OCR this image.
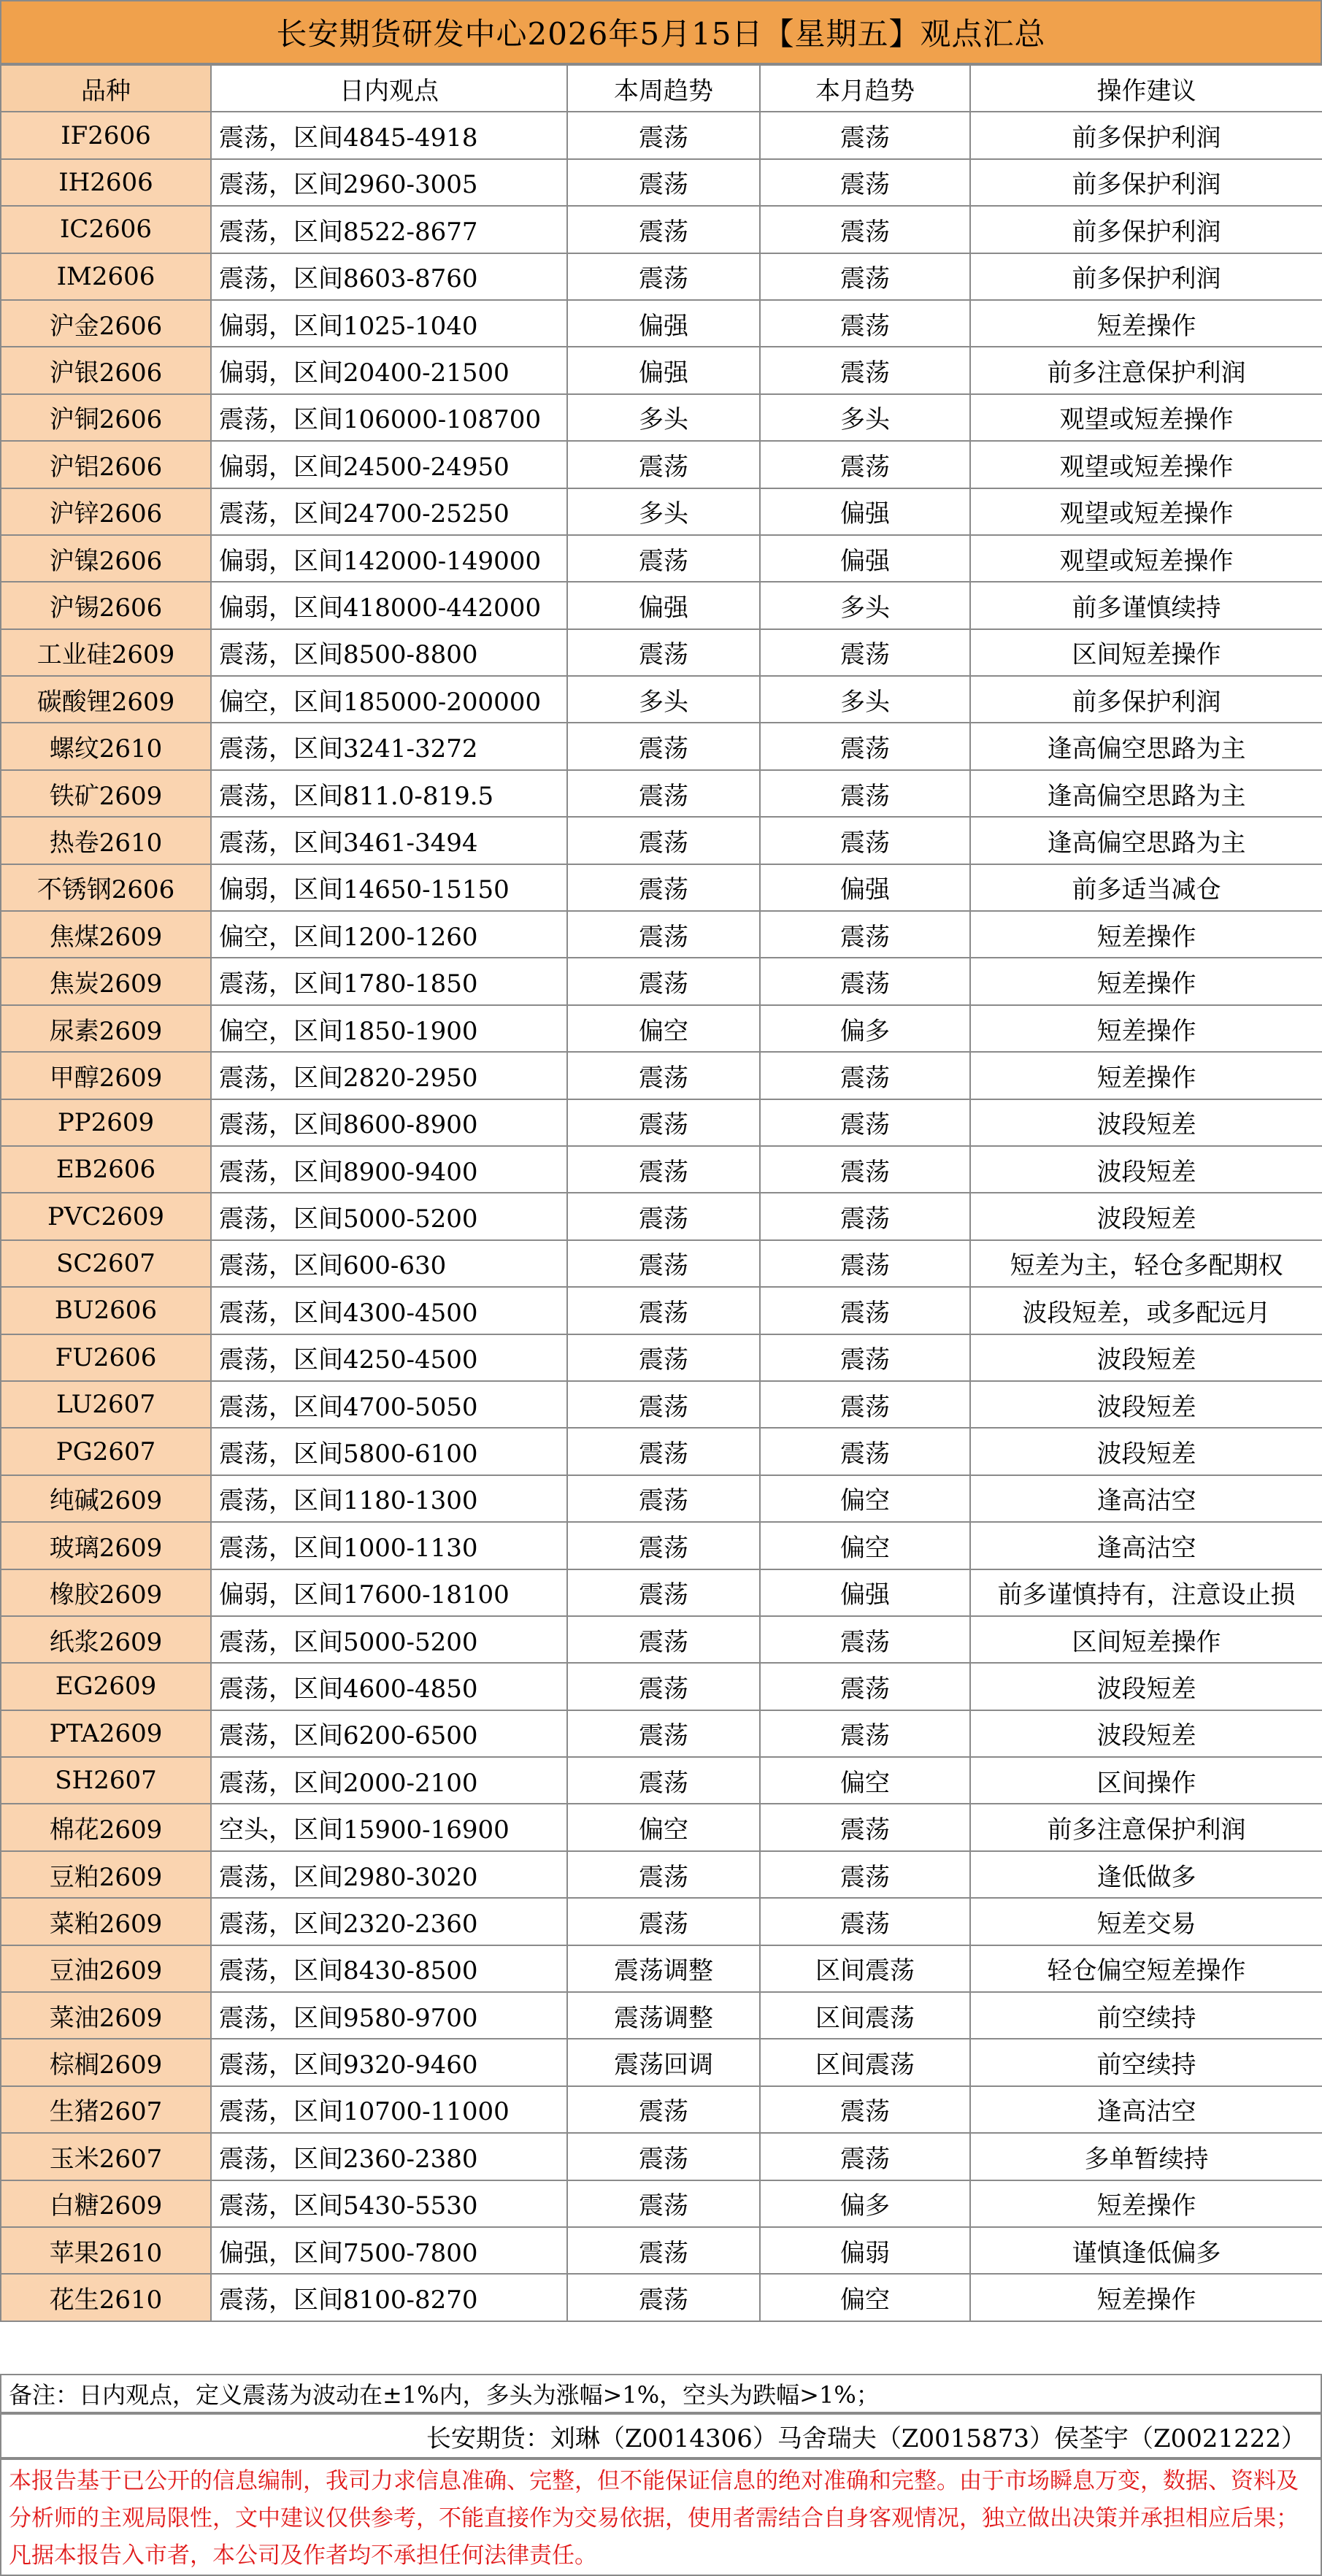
长安期货研发中心2026年5月15日【星期五】观点汇总
品种	日内观点	本周趋势	本月趋势	操作建议
IF2606	震荡，区间4845-4918	震荡	震荡	前多保护利润
IH2606	震荡，区间2960-3005	震荡	震荡	前多保护利润
IC2606	震荡，区间8522-8677	震荡	震荡	前多保护利润
IM2606	震荡，区间8603-8760	震荡	震荡	前多保护利润
沪金2606	偏弱，区间1025-1040	偏强	震荡	短差操作
沪银2606	偏弱，区间20400-21500	偏强	震荡	前多注意保护利润
沪铜2606	震荡，区间106000-108700	多头	多头	观望或短差操作
沪铝2606	偏弱，区间24500-24950	震荡	震荡	观望或短差操作
沪锌2606	震荡，区间24700-25250	多头	偏强	观望或短差操作
沪镍2606	偏弱，区间142000-149000	震荡	偏强	观望或短差操作
沪锡2606	偏弱，区间418000-442000	偏强	多头	前多谨慎续持
工业硅2609	震荡，区间8500-8800	震荡	震荡	区间短差操作
碳酸锂2609	偏空，区间185000-200000	多头	多头	前多保护利润
螺纹2610	震荡，区间3241-3272	震荡	震荡	逢高偏空思路为主
铁矿2609	震荡，区间811.0-819.5	震荡	震荡	逢高偏空思路为主
热卷2610	震荡，区间3461-3494	震荡	震荡	逢高偏空思路为主
不锈钢2606	偏弱，区间14650-15150	震荡	偏强	前多适当减仓
焦煤2609	偏空，区间1200-1260	震荡	震荡	短差操作
焦炭2609	震荡，区间1780-1850	震荡	震荡	短差操作
尿素2609	偏空，区间1850-1900	偏空	偏多	短差操作
甲醇2609	震荡，区间2820-2950	震荡	震荡	短差操作
PP2609	震荡，区间8600-8900	震荡	震荡	波段短差
EB2606	震荡，区间8900-9400	震荡	震荡	波段短差
PVC2609	震荡，区间5000-5200	震荡	震荡	波段短差
SC2607	震荡，区间600-630	震荡	震荡	短差为主，轻仓多配期权
BU2606	震荡，区间4300-4500	震荡	震荡	波段短差，或多配远月
FU2606	震荡，区间4250-4500	震荡	震荡	波段短差
LU2607	震荡，区间4700-5050	震荡	震荡	波段短差
PG2607	震荡，区间5800-6100	震荡	震荡	波段短差
纯碱2609	震荡，区间1180-1300	震荡	偏空	逢高沽空
玻璃2609	震荡，区间1000-1130	震荡	偏空	逢高沽空
橡胶2609	偏弱，区间17600-18100	震荡	偏强	前多谨慎持有，注意设止损
纸浆2609	震荡，区间5000-5200	震荡	震荡	区间短差操作
EG2609	震荡，区间4600-4850	震荡	震荡	波段短差
PTA2609	震荡，区间6200-6500	震荡	震荡	波段短差
SH2607	震荡，区间2000-2100	震荡	偏空	区间操作
棉花2609	空头，区间15900-16900	偏空	震荡	前多注意保护利润
豆粕2609	震荡，区间2980-3020	震荡	震荡	逢低做多
菜粕2609	震荡，区间2320-2360	震荡	震荡	短差交易
豆油2609	震荡，区间8430-8500	震荡调整	区间震荡	轻仓偏空短差操作
菜油2609	震荡，区间9580-9700	震荡调整	区间震荡	前空续持
棕榈2609	震荡，区间9320-9460	震荡回调	区间震荡	前空续持
生猪2607	震荡，区间10700-11000	震荡	震荡	逢高沽空
玉米2607	震荡，区间2360-2380	震荡	震荡	多单暂续持
白糖2609	震荡，区间5430-5530	震荡	偏多	短差操作
苹果2610	偏强，区间7500-7800	震荡	偏弱	谨慎逢低偏多
花生2610	震荡，区间8100-8270	震荡	偏空	短差操作
备注：日内观点，定义震荡为波动在±1%内，多头为涨幅>1%，空头为跌幅>1%；
长安期货：刘琳（Z0014306）马舍瑞夫（Z0015873）侯荃宇（Z0021222）
本报告基于已公开的信息编制，我司力求信息准确、完整，但不能保证信息的绝对准确和完整。由于市场瞬息万变，数据、资料及分析师的主观局限性，文中建议仅供参考，不能直接作为交易依据，使用者需结合自身客观情况，独立做出决策并承担相应后果；凡据本报告入市者，本公司及作者均不承担任何法律责任。
